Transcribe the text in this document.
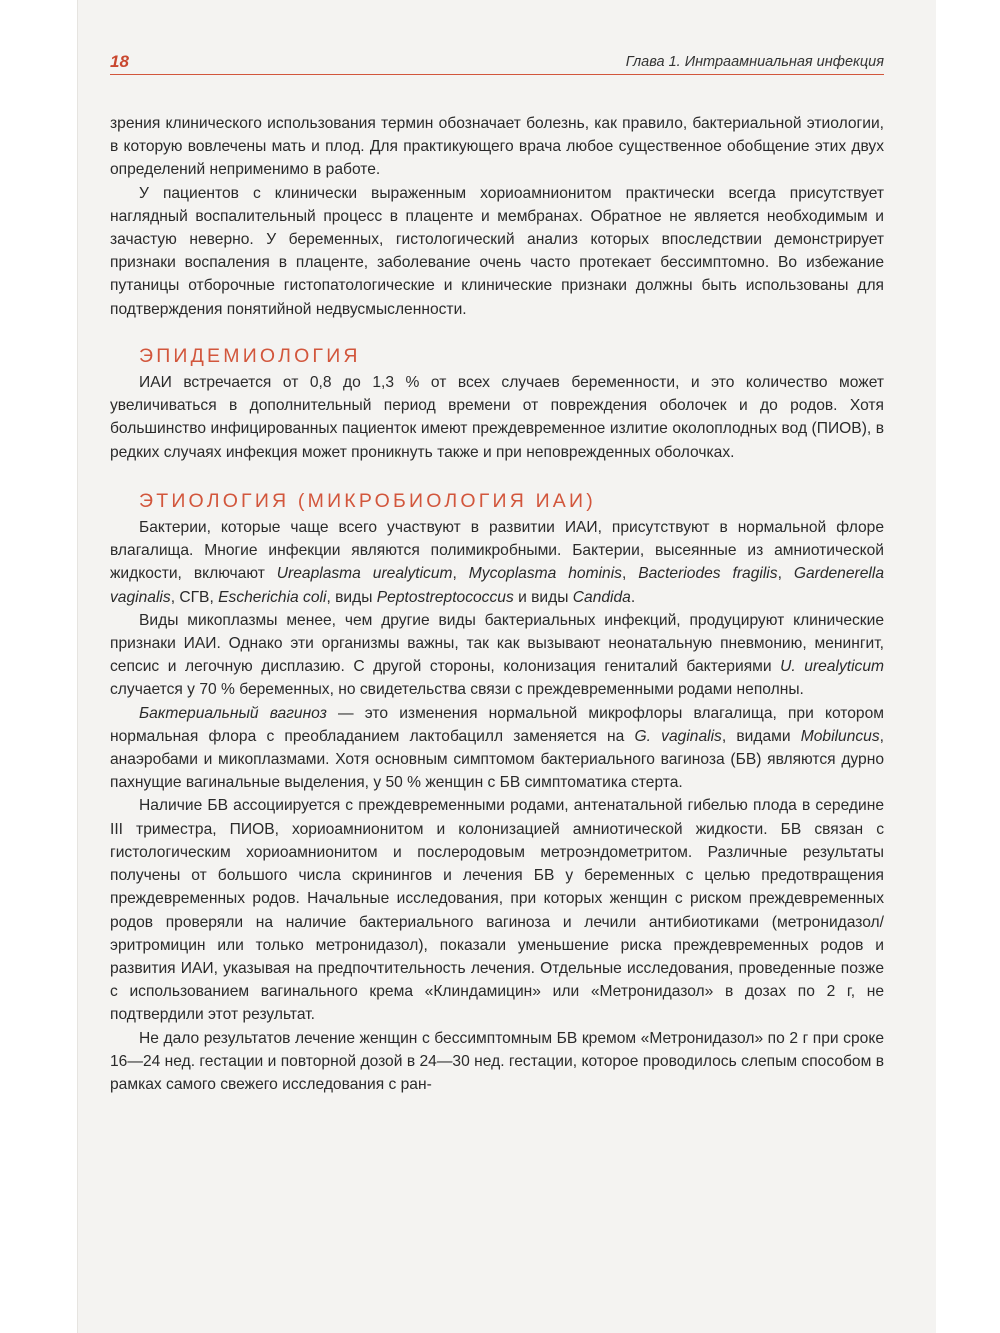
18	Глава 1. Интраамниальная инфекция

зрения клинического использования термин обозначает болезнь, как правило, бактериальной этиологии, в которую вовлечены мать и плод. Для практикующего врача любое существенное обобщение этих двух определений неприменимо в работе.

У пациентов с клинически выраженным хориоамнионитом практически всегда присутствует наглядный воспалительный процесс в плаценте и мембранах. Обратное не является необходимым и зачастую неверно. У беременных, гистологический анализ которых впоследствии демонстрирует признаки воспаления в плаценте, заболевание очень часто протекает бессимптомно. Во избежание путаницы отборочные гистопатологические и клинические признаки должны быть использованы для подтверждения понятийной недвусмысленности.

ЭПИДЕМИОЛОГИЯ

ИАИ встречается от 0,8 до 1,3 % от всех случаев беременности, и это количество может увеличиваться в дополнительный период времени от повреждения оболочек и до родов. Хотя большинство инфицированных пациенток имеют преждевременное излитие околоплодных вод (ПИОВ), в редких случаях инфекция может проникнуть также и при неповрежденных оболочках.

ЭТИОЛОГИЯ (МИКРОБИОЛОГИЯ ИАИ)

Бактерии, которые чаще всего участвуют в развитии ИАИ, присутствуют в нормальной флоре влагалища. Многие инфекции являются полимикробными. Бактерии, высеянные из амниотической жидкости, включают Ureaplasma urealyticum, Mycoplasma hominis, Bacteriodes fragilis, Gardenerella vaginalis, СГВ, Escherichia coli, виды Peptostreptococcus и виды Candida.

Виды микоплазмы менее, чем другие виды бактериальных инфекций, продуцируют клинические признаки ИАИ. Однако эти организмы важны, так как вызывают неонатальную пневмонию, менингит, сепсис и легочную дисплазию. С другой стороны, колонизация гениталий бактериями U. urealyticum случается у 70 % беременных, но свидетельства связи с преждевременными родами неполны.

Бактериальный вагиноз — это изменения нормальной микрофлоры влагалища, при котором нормальная флора с преобладанием лактобацилл заменяется на G. vaginalis, видами Mobiluncus, анаэробами и микоплазмами. Хотя основным симптомом бактериального вагиноза (БВ) являются дурно пахнущие вагинальные выделения, у 50 % женщин с БВ симптоматика стерта.

Наличие БВ ассоциируется с преждевременными родами, антенатальной гибелью плода в середине III триместра, ПИОВ, хориоамнионитом и колонизацией амниотической жидкости. БВ связан с гистологическим хориоамнионитом и послеродовым метроэндометритом. Различные результаты получены от большого числа скринингов и лечения БВ у беременных с целью предотвращения преждевременных родов. Начальные исследования, при которых женщин с риском преждевременных родов проверяли на наличие бактериального вагиноза и лечили антибиотиками (метронидазол/эритромицин или только метронидазол), показали уменьшение риска преждевременных родов и развития ИАИ, указывая на предпочтительность лечения. Отдельные исследования, проведенные позже с использованием вагинального крема «Клиндамицин» или «Метронидазол» в дозах по 2 г, не подтвердили этот результат.

Не дало результатов лечение женщин с бессимптомным БВ кремом «Метронидазол» по 2 г при сроке 16—24 нед. гестации и повторной дозой в 24—30 нед. гестации, которое проводилось слепым способом в рамках самого свежего исследования с ран-
